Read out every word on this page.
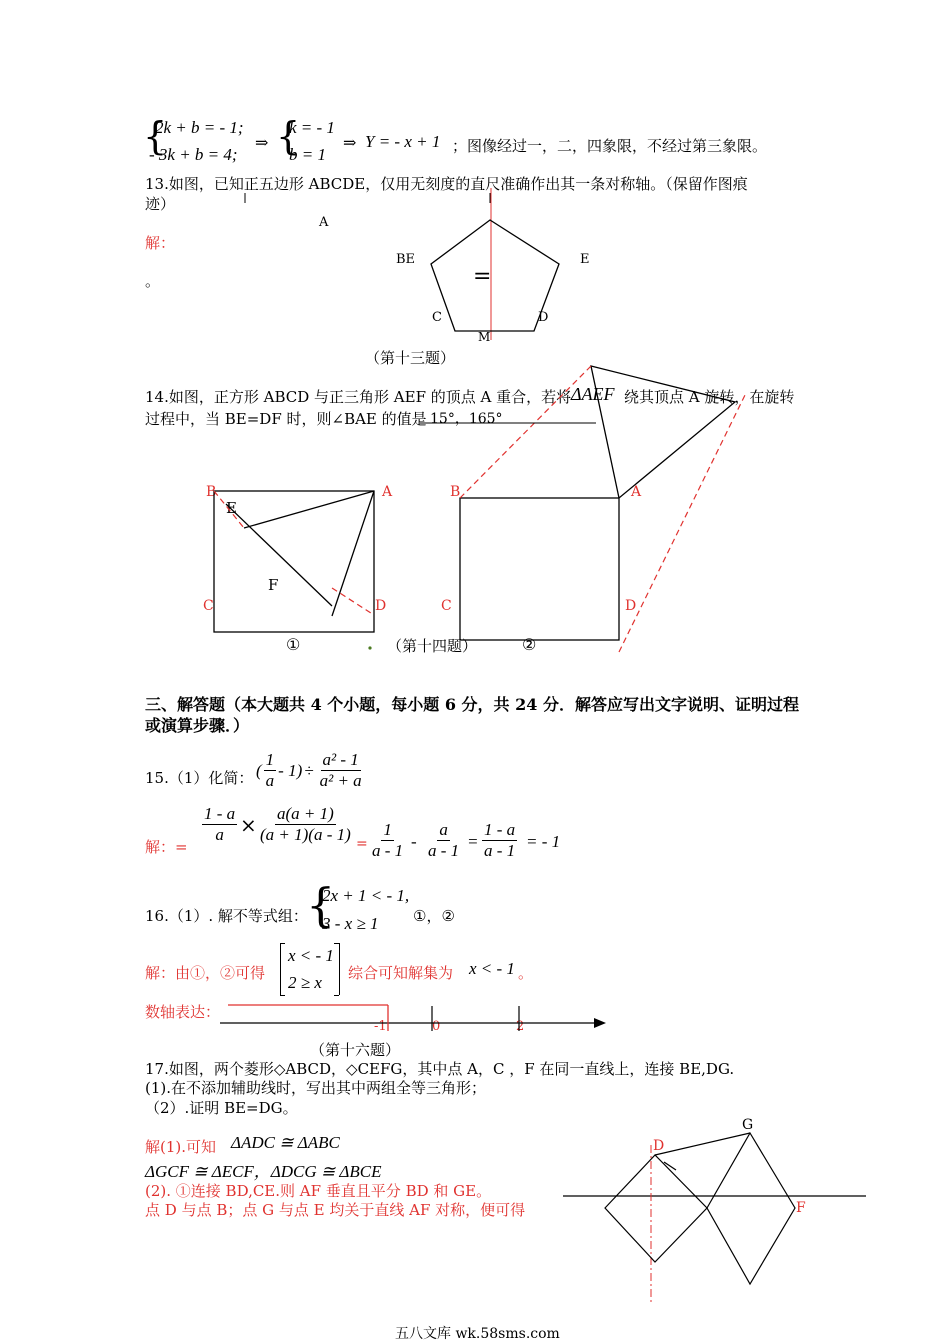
{
2k + b = - 1;
- 3k + b = 4;
⇒ {
k = - 1
b = 1
⇒ Y = - x + 1 ；图像经过一，二，四象限，不经过第三象限。
13.如图，已知正五边形 ABCDE，仅用无刻度的直尺准确作出其一条对称轴。（保留作图痕
迹）
解：
。
A
BE	E
C	D
M
=
（第十三题）
14.如图，正方形 ABCD 与正三角形 AEF 的顶点 A 重合，若将 ΔAEF 绕其顶点 A 旋转，在旋转
过程中，当 BE=DF 时，则∠BAE 的值是 15°，165°
B	A
E
F
C	D
①
B	A
C	D
（第十四题）	②
三、解答题（本大题共 4 个小题，每小题 6 分，共 24 分．解答应写出文字说明、证明过程
或演算步骤．）
15.（1）化简： ( $\frac{1}{a} - 1) \div \frac{\text{a² - 1}}{\text{a² + a}}$
解：=
$\frac{1 - a}{a} \times \frac{a(a + 1)}{(a + 1)(a - 1)} = \frac{1}{a - 1} - \frac{a}{a - 1} = \frac{1 - a}{a - 1}$ = - 1
16.（1）. 解不等式组：
{
2x + 1 < - 1,
3 - x ≥ 1 ①，②
解：由①，②可得
x < - 1
2 ≥ x 综合可知解集为 x < - 1 。
数轴表达：
-1	0	2
（第十六题）
17.如图，两个菱形◇ABCD，◇CEFG，其中点 A，C ，F 在同一直线上，连接 BE,DG.
(1).在不添加辅助线时，写出其中两组全等三角形；
（2）.证明 BE=DG。
解(1).可知 ΔADC ≅ ΔABC
ΔGCF ≅ ΔECF，ΔDCG ≅ ΔBCE
(2). ①连接 BD,CE.则 AF 垂直且平分 BD 和 GE。
点 D 与点 B；点 G 与点 E 均关于直线 AF 对称，便可得
D
G
F
五八文库 wk.58sms.com
